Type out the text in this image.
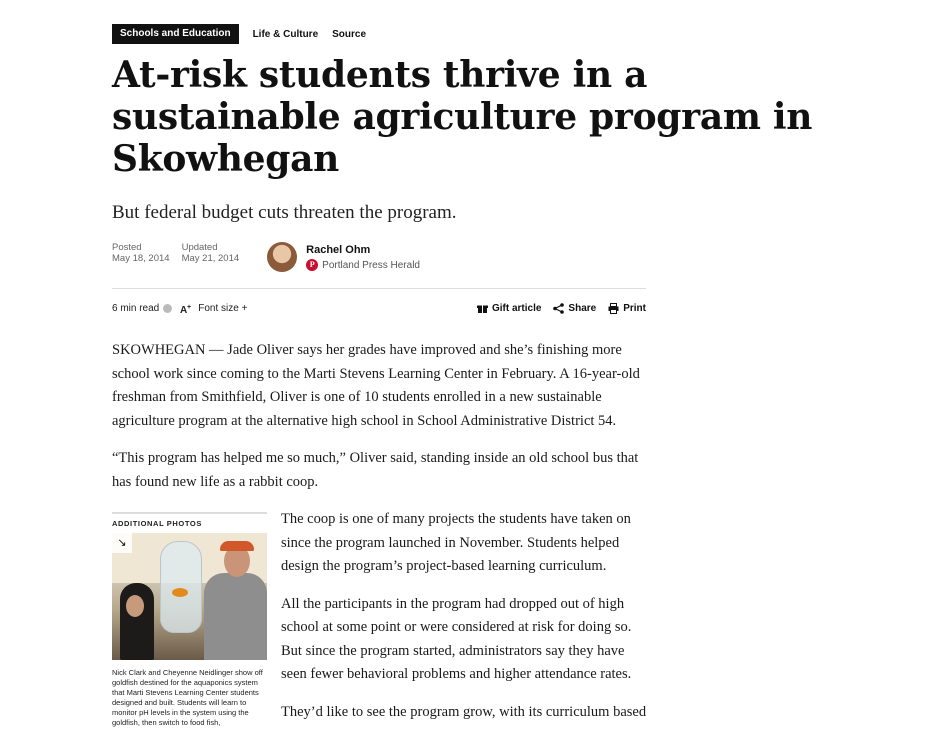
Schools and Education	Life & Culture Source
At-risk students thrive in a sustainable agriculture program in Skowhegan

But federal budget cuts threaten the program.

Posted
May 18, 2014
Updated
May 21, 2014
Rachel Ohm
P Portland Press Herald
6 min read A + Font size +	Gift article	Share	Print

SKOWHEGAN — Jade Oliver says her grades have improved and she’s finishing more school work since coming to the Marti Stevens Learning Center in February. A 16-year-old freshman from Smithfield, Oliver is one of 10 students enrolled in a new sustainable agriculture program at the alternative high school in School Administrative District 54.

“This program has helped me so much,” Oliver said, standing inside an old school bus that has found new life as a rabbit coop.

ADDITIONAL PHOTOS
↘
Nick Clark and Cheyenne Neidlinger show off goldfish destined for the aquaponics system that Marti Stevens Learning Center students designed and built. Students will learn to monitor pH levels in the system using the goldfish, then switch to food fish,

The coop is one of many projects the students have taken on since the program launched in November. Students helped design the program’s project-based learning curriculum.

All the participants in the program had dropped out of high school at some point or were considered at risk for doing so. But since the program started, administrators say they have seen fewer behavioral problems and higher attendance rates.

They’d like to see the program grow, with its curriculum based
